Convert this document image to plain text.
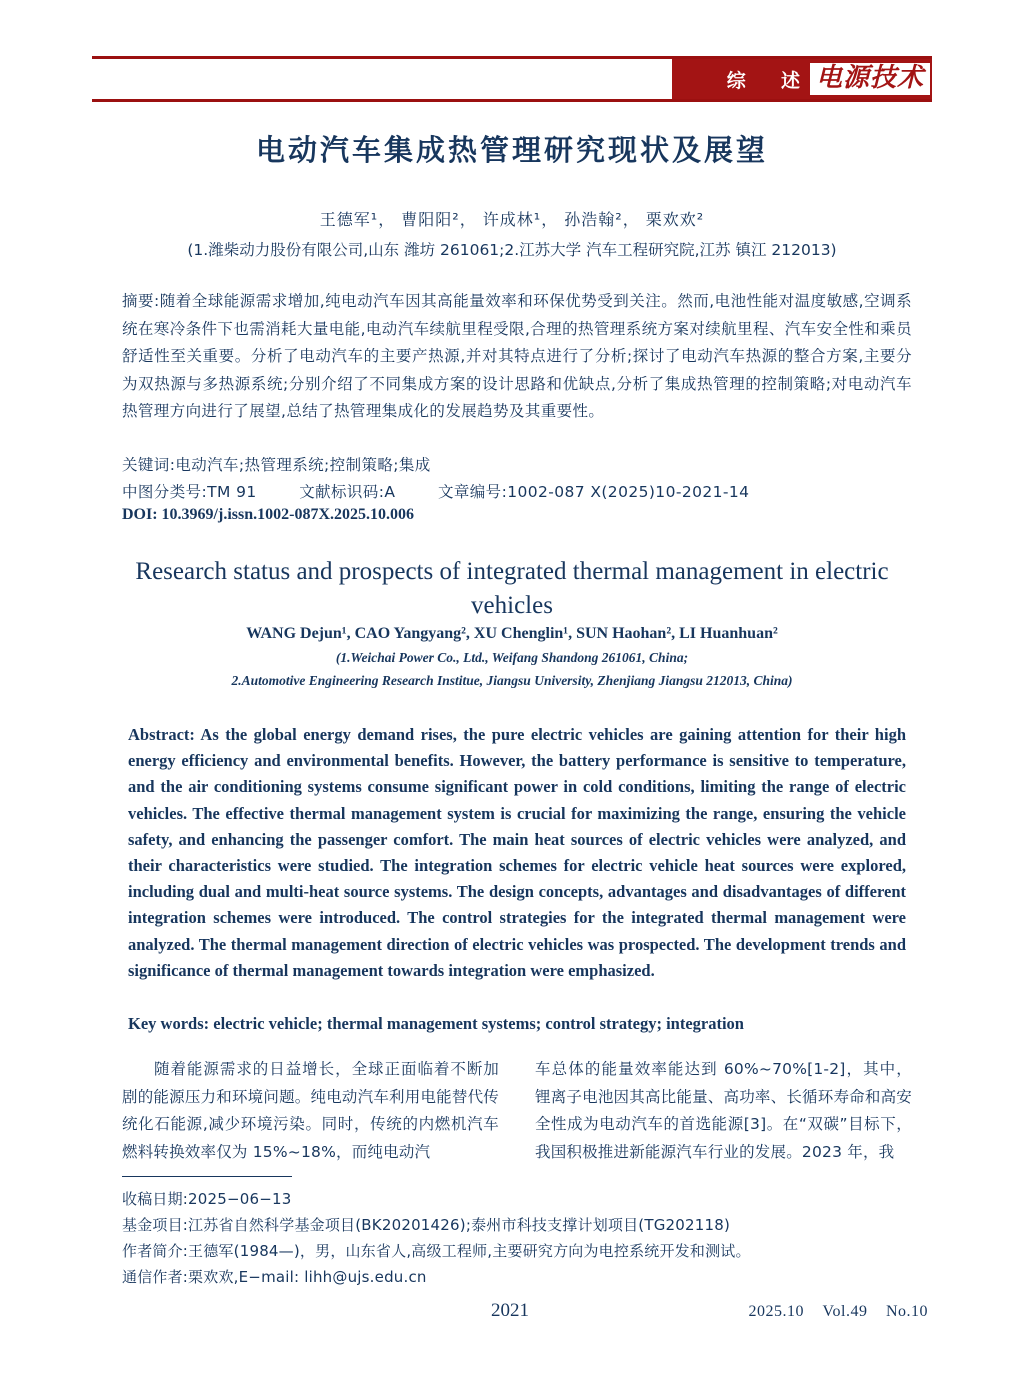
综 述 电源技术
电动汽车集成热管理研究现状及展望
王德军¹， 曹阳阳²， 许成林¹， 孙浩翰²， 栗欢欢²
(1.潍柴动力股份有限公司,山东 潍坊 261061;2.江苏大学 汽车工程研究院,江苏 镇江 212013)
摘要:随着全球能源需求增加,纯电动汽车因其高能量效率和环保优势受到关注。然而,电池性能对温度敏感,空调系统在寒冷条件下也需消耗大量电能,电动汽车续航里程受限,合理的热管理系统方案对续航里程、汽车安全性和乘员舒适性至关重要。分析了电动汽车的主要产热源,并对其特点进行了分析;探讨了电动汽车热源的整合方案,主要分为双热源与多热源系统;分别介绍了不同集成方案的设计思路和优缺点,分析了集成热管理的控制策略;对电动汽车热管理方向进行了展望,总结了热管理集成化的发展趋势及其重要性。
关键词:电动汽车;热管理系统;控制策略;集成
中图分类号:TM 91        文献标识码:A        文章编号:1002-087 X(2025)10-2021-14
DOI: 10.3969/j.issn.1002-087X.2025.10.006
Research status and prospects of integrated thermal management in electric vehicles
WANG Dejun¹, CAO Yangyang², XU Chenglin¹, SUN Haohan², LI Huanhuan²
(1.Weichai Power Co., Ltd., Weifang Shandong 261061, China;
2.Automotive Engineering Research Institue, Jiangsu University, Zhenjiang Jiangsu 212013, China)
Abstract: As the global energy demand rises, the pure electric vehicles are gaining attention for their high energy efficiency and environmental benefits. However, the battery performance is sensitive to temperature, and the air conditioning systems consume significant power in cold conditions, limiting the range of electric vehicles. The effective thermal management system is crucial for maximizing the range, ensuring the vehicle safety, and enhancing the passenger comfort. The main heat sources of electric vehicles were analyzed, and their characteristics were studied. The integration schemes for electric vehicle heat sources were explored, including dual and multi-heat source systems. The design concepts, advantages and disadvantages of different integration schemes were introduced. The control strategies for the integrated thermal management were analyzed. The thermal management direction of electric vehicles was prospected. The development trends and significance of thermal management towards integration were emphasized.
Key words: electric vehicle; thermal management systems; control strategy; integration

随着能源需求的日益增长，全球正面临着不断加剧的能源压力和环境问题。纯电动汽车利用电能替代传统化石能源,减少环境污染。同时，传统的内燃机汽车燃料转换效率仅为 15%~18%，而纯电动汽

车总体的能量效率能达到 60%~70%[1-2]，其中，锂离子电池因其高比能量、高功率、长循环寿命和高安全性成为电动汽车的首选能源[3]。在“双碳”目标下，我国积极推进新能源汽车行业的发展。2023 年，我

收稿日期:2025−06−13
基金项目:江苏省自然科学基金项目(BK20201426);泰州市科技支撑计划项目(TG202118)
作者简介:王德军(1984—)，男，山东省人,高级工程师,主要研究方向为电控系统开发和测试。
通信作者:栗欢欢,E−mail: lihh@ujs.edu.cn
2021	2025.10 Vol.49 No.10
